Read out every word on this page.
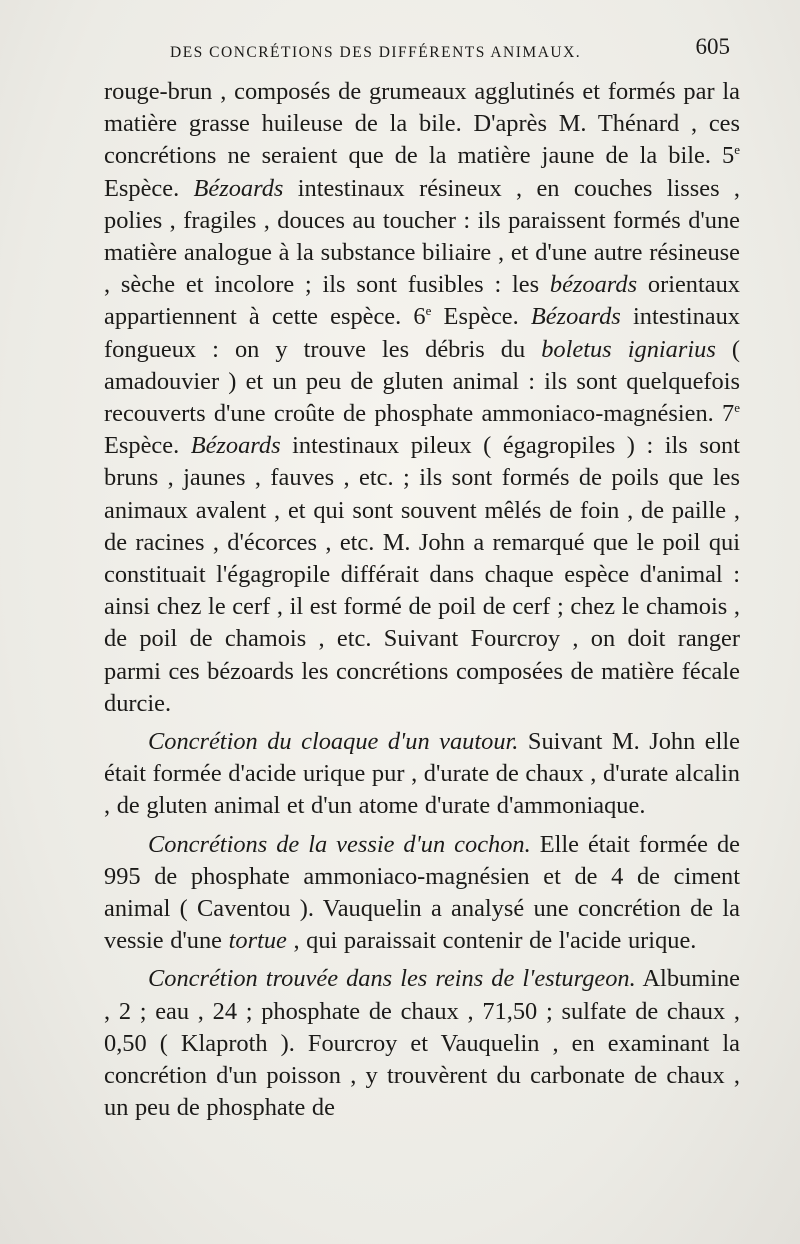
DES CONCRÉTIONS DES DIFFÉRENTS ANIMAUX.	605

rouge-brun , composés de grumeaux agglutinés et formés par la matière grasse huileuse de la bile. D'après M. Thénard , ces concrétions ne seraient que de la matière jaune de la bile. 5e Espèce. Bézoards intestinaux résineux , en couches lisses , polies , fragiles , douces au toucher : ils paraissent formés d'une matière analogue à la substance biliaire , et d'une autre résineuse , sèche et incolore ; ils sont fusibles : les bézoards orientaux appartiennent à cette espèce. 6e Espèce. Bézoards intestinaux fongueux : on y trouve les débris du boletus igniarius ( amadouvier ) et un peu de gluten animal : ils sont quelquefois recouverts d'une croûte de phosphate ammoniaco-magnésien. 7e Espèce. Bézoards intestinaux pileux ( égagropiles ) : ils sont bruns , jaunes , fauves , etc. ; ils sont formés de poils que les animaux avalent , et qui sont souvent mêlés de foin , de paille , de racines , d'écorces , etc. M. John a remarqué que le poil qui constituait l'égagropile différait dans chaque espèce d'animal : ainsi chez le cerf , il est formé de poil de cerf ; chez le chamois , de poil de chamois , etc. Suivant Fourcroy , on doit ranger parmi ces bézoards les concrétions composées de matière fécale durcie.

Concrétion du cloaque d'un vautour. Suivant M. John elle était formée d'acide urique pur , d'urate de chaux , d'urate alcalin , de gluten animal et d'un atome d'urate d'ammoniaque.

Concrétions de la vessie d'un cochon. Elle était formée de 995 de phosphate ammoniaco-magnésien et de 4 de ciment animal ( Caventou ). Vauquelin a analysé une concrétion de la vessie d'une tortue , qui paraissait contenir de l'acide urique.

Concrétion trouvée dans les reins de l'esturgeon. Albumine , 2 ; eau , 24 ; phosphate de chaux , 71,50 ; sulfate de chaux , 0,50 ( Klaproth ). Fourcroy et Vauquelin , en examinant la concrétion d'un poisson , y trouvèrent du carbonate de chaux , un peu de phosphate de
